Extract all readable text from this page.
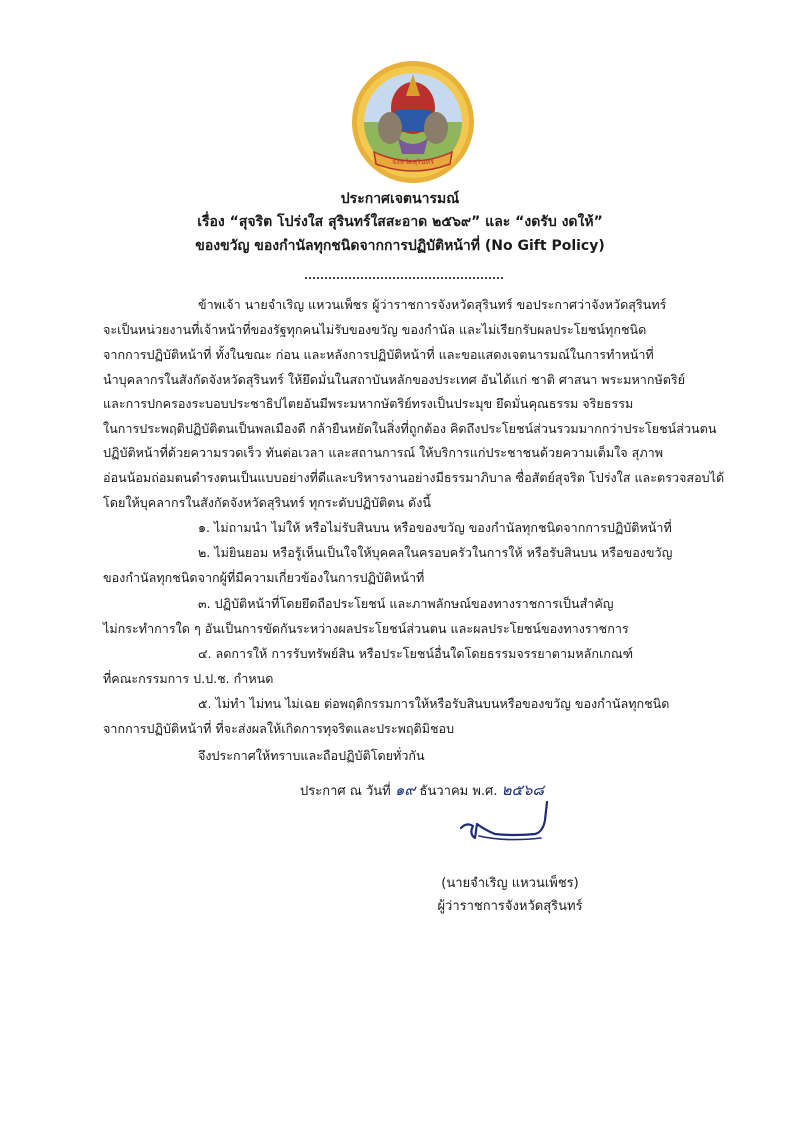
จังหวัดสุรินทร์
ประกาศเจตนารมณ์
เรื่อง “สุจริต โปร่งใส สุรินทร์ใสสะอาด ๒๕๖๙” และ “งดรับ งดให้”
ของขวัญ ของกำนัลทุกชนิดจากการปฏิบัติหน้าที่ (No Gift Policy)
ข้าพเจ้า นายจำเริญ แหวนเพ็ชร ผู้ว่าราชการจังหวัดสุรินทร์ ขอประกาศว่าจังหวัดสุรินทร์
จะเป็นหน่วยงานที่เจ้าหน้าที่ของรัฐทุกคนไม่รับของขวัญ ของกำนัล และไม่เรียกรับผลประโยชน์ทุกชนิด
จากการปฏิบัติหน้าที่ ทั้งในขณะ ก่อน และหลังการปฏิบัติหน้าที่ และขอแสดงเจตนารมณ์ในการทำหน้าที่
นำบุคลากรในสังกัดจังหวัดสุรินทร์ ให้ยึดมั่นในสถาบันหลักของประเทศ อันได้แก่ ชาติ ศาสนา พระมหากษัตริย์
และการปกครองระบอบประชาธิปไตยอันมีพระมหากษัตริย์ทรงเป็นประมุข ยึดมั่นคุณธรรม จริยธรรม
ในการประพฤติปฏิบัติตนเป็นพลเมืองดี กล้ายืนหยัดในสิ่งที่ถูกต้อง คิดถึงประโยชน์ส่วนรวมมากกว่าประโยชน์ส่วนตน
ปฏิบัติหน้าที่ด้วยความรวดเร็ว ทันต่อเวลา และสถานการณ์ ให้บริการแก่ประชาชนด้วยความเต็มใจ สุภาพ
อ่อนน้อมถ่อมตนดำรงตนเป็นแบบอย่างที่ดีและบริหารงานอย่างมีธรรมาภิบาล ซื่อสัตย์สุจริต โปร่งใส และตรวจสอบได้
โดยให้บุคลากรในสังกัดจังหวัดสุรินทร์ ทุกระดับปฏิบัติตน ดังนี้
๑. ไม่ถามนำ ไม่ให้ หรือไม่รับสินบน หรือของขวัญ ของกำนัลทุกชนิดจากการปฏิบัติหน้าที่
๒. ไม่ยินยอม หรือรู้เห็นเป็นใจให้บุคคลในครอบครัวในการให้ หรือรับสินบน หรือของขวัญ
ของกำนัลทุกชนิดจากผู้ที่มีความเกี่ยวข้องในการปฏิบัติหน้าที่
๓. ปฏิบัติหน้าที่โดยยึดถือประโยชน์ และภาพลักษณ์ของทางราชการเป็นสำคัญ
ไม่กระทำการใด ๆ อันเป็นการขัดกันระหว่างผลประโยชน์ส่วนตน และผลประโยชน์ของทางราชการ
๔. ลดการให้ การรับทรัพย์สิน หรือประโยชน์อื่นใดโดยธรรมจรรยาตามหลักเกณฑ์
ที่คณะกรรมการ ป.ป.ช. กำหนด
๕. ไม่ทำ ไม่ทน ไม่เฉย ต่อพฤติกรรมการให้หรือรับสินบนหรือของขวัญ ของกำนัลทุกชนิด
จากการปฏิบัติหน้าที่ ที่จะส่งผลให้เกิดการทุจริตและประพฤติมิชอบ
จึงประกาศให้ทราบและถือปฏิบัติโดยทั่วกัน
ประกาศ ณ วันที่ ๑๙ ธันวาคม พ.ศ. ๒๕๖๘
(นายจำเริญ แหวนเพ็ชร)
ผู้ว่าราชการจังหวัดสุรินทร์
